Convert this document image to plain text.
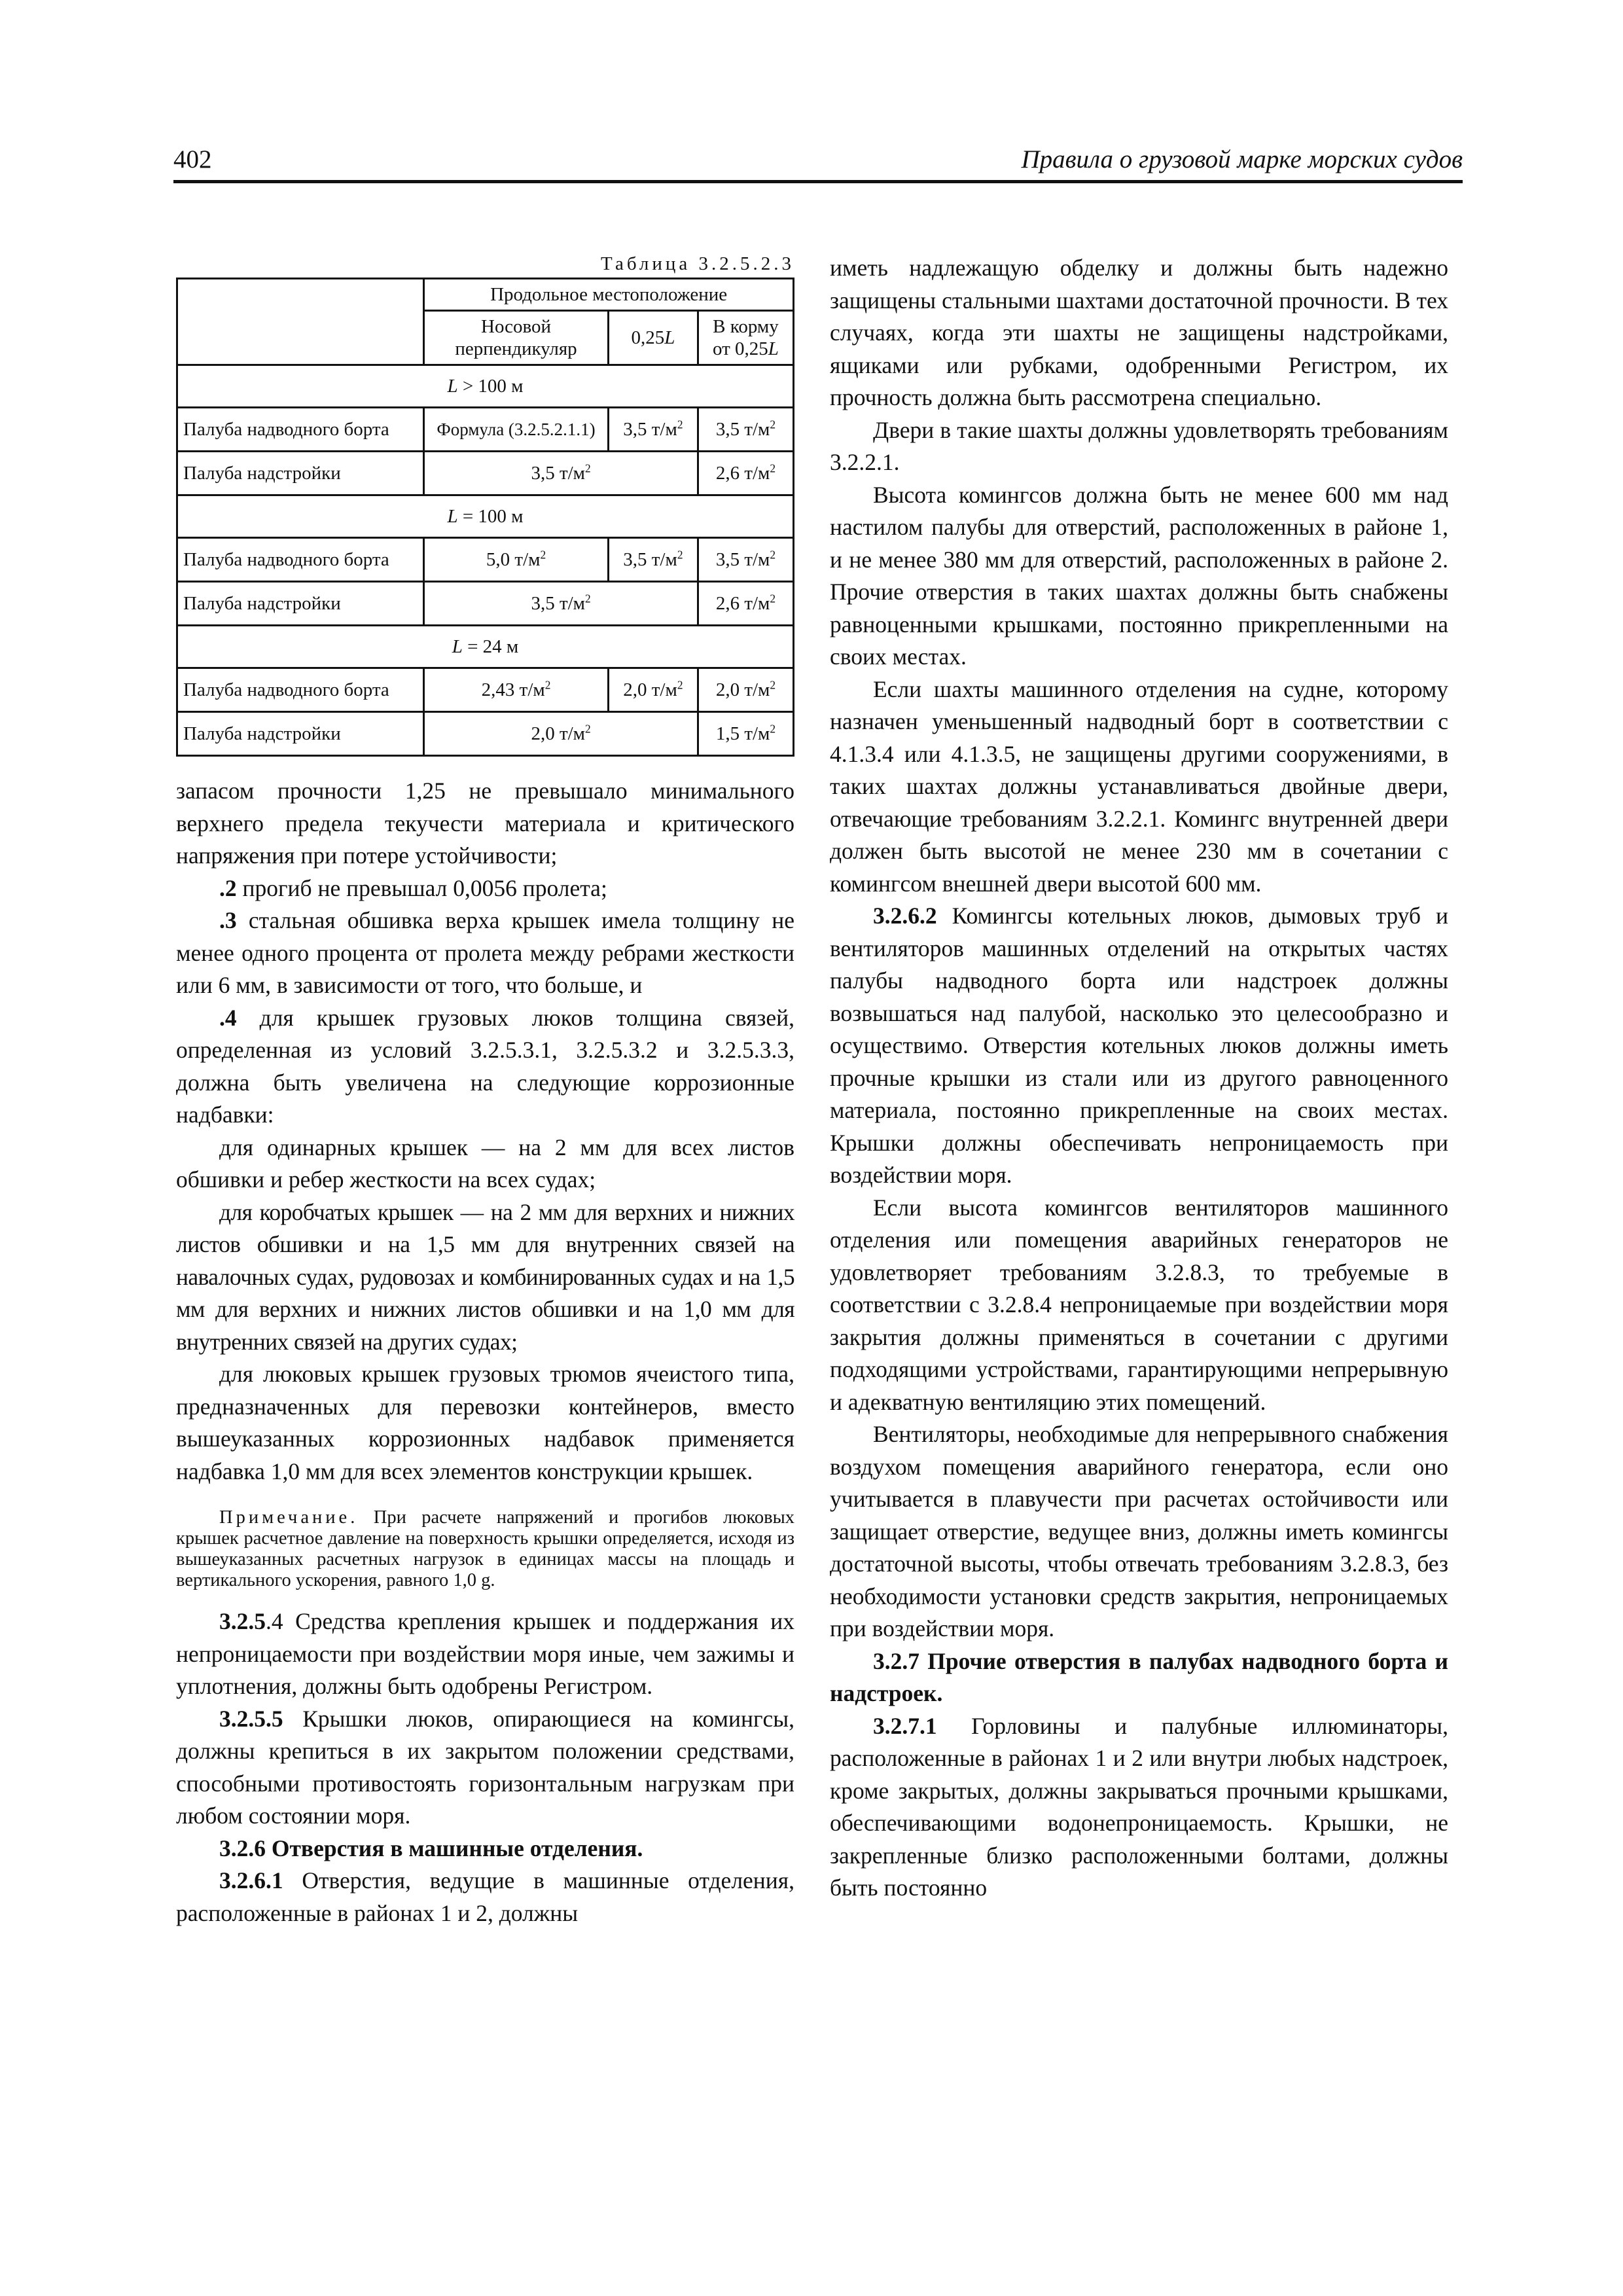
402	Правила о грузовой марке морских судов
Таблица 3.2.5.2.3
	Продольное местоположение		
	Носовой перпендикуляр	0,25L	В корму от 0,25L
L > 100 м			
Палуба надводного борта	Формула (3.2.5.2.1.1)	3,5 $т/м^2$	3,5 $т/м^2$
Палуба надстройки	3,5 $т/м^2$		2,6 $т/м^2$
L = 100 м			
Палуба надводного борта	5,0 $т/м^2$	3,5 $т/м^2$	3,5 $т/м^2$
Палуба надстройки	3,5 $т/м^2$		2,6 $т/м^2$
L = 24 м			
Палуба надводного борта	2,43 $т/м^2$	2,0 $т/м^2$	2,0 $т/м^2$
Палуба надстройки	2,0 $т/м^2$		1,5 $т/м^2$

запасом прочности 1,25 не превышало минимального верхнего предела текучести материала и критического напряжения при потере устойчивости;

.2 прогиб не превышал 0,0056 пролета;

.3 стальная обшивка верха крышек имела толщину не менее одного процента от пролета между ребрами жесткости или 6 мм, в зависимости от того, что больше, и

.4 для крышек грузовых люков толщина связей, определенная из условий 3.2.5.3.1, 3.2.5.3.2 и 3.2.5.3.3, должна быть увеличена на следующие коррозионные надбавки:

для одинарных крышек — на 2 мм для всех листов обшивки и ребер жесткости на всех судах;

для коробчатых крышек — на 2 мм для верхних и нижних листов обшивки и на 1,5 мм для внутренних связей на навалочных судах, рудовозах и комбинированных судах и на 1,5 мм для верхних и нижних листов обшивки и на 1,0 мм для внутренних связей на других судах;

для люковых крышек грузовых трюмов ячеистого типа, предназначенных для перевозки контейнеров, вместо вышеуказанных коррозионных надбавок применяется надбавка 1,0 мм для всех элементов конструкции крышек.

Примечание. При расчете напряжений и прогибов люковых крышек расчетное давление на поверхность крышки определяется, исходя из вышеуказанных расчетных нагрузок в единицах массы на площадь и вертикального ускорения, равного 1,0 g.

3.2.5.4 Средства крепления крышек и поддержания их непроницаемости при воздействии моря иные, чем зажимы и уплотнения, должны быть одобрены Регистром.

3.2.5.5 Крышки люков, опирающиеся на комингсы, должны крепиться в их закрытом положении средствами, способными противостоять горизонтальным нагрузкам при любом состоянии моря.

3.2.6 Отверстия в машинные отделения.

3.2.6.1 Отверстия, ведущие в машинные отделения, расположенные в районах 1 и 2, должны

иметь надлежащую обделку и должны быть надежно защищены стальными шахтами достаточной прочности. В тех случаях, когда эти шахты не защищены надстройками, ящиками или рубками, одобренными Регистром, их прочность должна быть рассмотрена специально.

Двери в такие шахты должны удовлетворять требованиям 3.2.2.1.

Высота комингсов должна быть не менее 600 мм над настилом палубы для отверстий, расположенных в районе 1, и не менее 380 мм для отверстий, расположенных в районе 2. Прочие отверстия в таких шахтах должны быть снабжены равноценными крышками, постоянно прикрепленными на своих местах.

Если шахты машинного отделения на судне, которому назначен уменьшенный надводный борт в соответствии с 4.1.3.4 или 4.1.3.5, не защищены другими сооружениями, в таких шахтах должны устанавливаться двойные двери, отвечающие требованиям 3.2.2.1. Комингс внутренней двери должен быть высотой не менее 230 мм в сочетании с комингсом внешней двери высотой 600 мм.

3.2.6.2 Комингсы котельных люков, дымовых труб и вентиляторов машинных отделений на открытых частях палубы надводного борта или надстроек должны возвышаться над палубой, насколько это целесообразно и осуществимо. Отверстия котельных люков должны иметь прочные крышки из стали или из другого равноценного материала, постоянно прикрепленные на своих местах. Крышки должны обеспечивать непроницаемость при воздействии моря.

Если высота комингсов вентиляторов машинного отделения или помещения аварийных генераторов не удовлетворяет требованиям 3.2.8.3, то требуемые в соответствии с 3.2.8.4 непроницаемые при воздействии моря закрытия должны применяться в сочетании с другими подходящими устройствами, гарантирующими непрерывную и адекватную вентиляцию этих помещений.

Вентиляторы, необходимые для непрерывного снабжения воздухом помещения аварийного генератора, если оно учитывается в плавучести при расчетах остойчивости или защищает отверстие, ведущее вниз, должны иметь комингсы достаточной высоты, чтобы отвечать требованиям 3.2.8.3, без необходимости установки средств закрытия, непроницаемых при воздействии моря.

3.2.7 Прочие отверстия в палубах надводного борта и надстроек.

3.2.7.1 Горловины и палубные иллюминаторы, расположенные в районах 1 и 2 или внутри любых надстроек, кроме закрытых, должны закрываться прочными крышками, обеспечивающими водонепроницаемость. Крышки, не закрепленные близко расположенными болтами, должны быть постоянно
